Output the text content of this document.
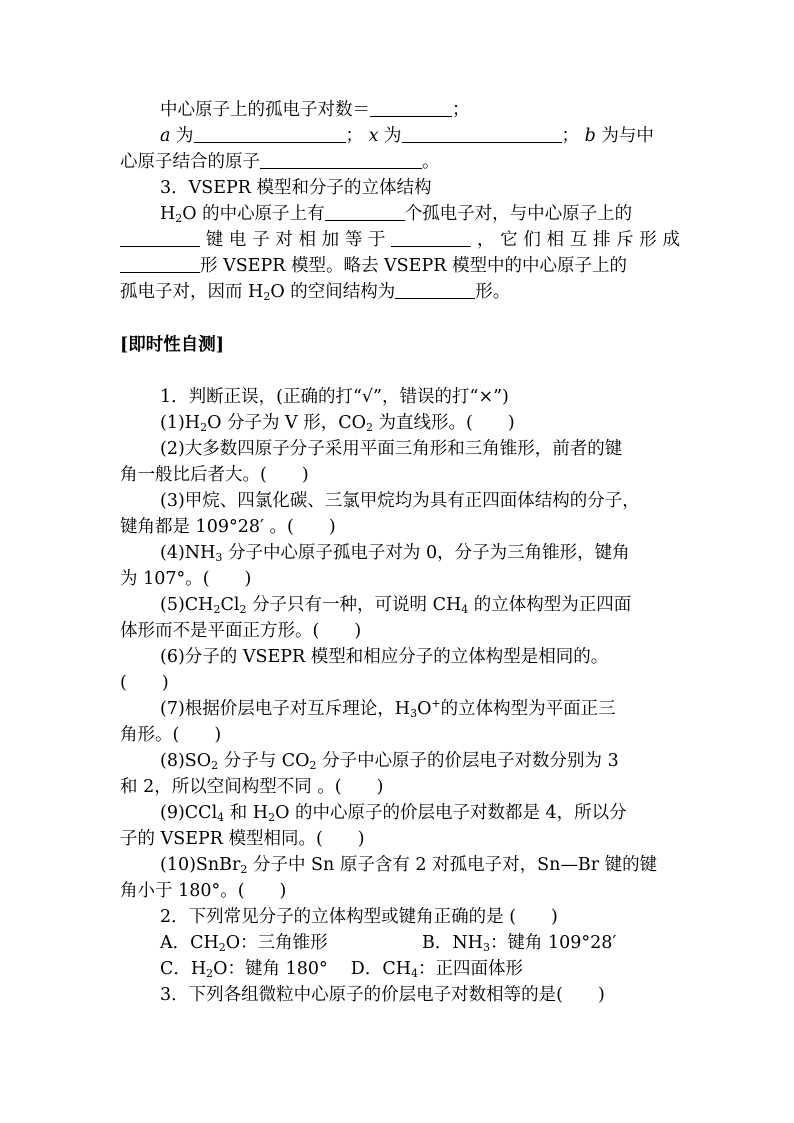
中心原子上的孤电子对数＝	；
a 为	； x 为	； b 为与中
心原子结合的原子	。
3．VSEPR 模型和分子的立体结构
$H_2O$ 的中心原子上有	个孤电子对，与中心原子上的
键电子对相加等于	，它们相互排斥形成
形 VSEPR 模型。略去 VSEPR 模型中的中心原子上的
孤电子对，因而 $H_2O$ 的空间结构为	形。
[即时性自测]
1．判断正误，(正确的打“√”，错误的打“×”)
$(1)H_2O$ 分子为 V 形，$CO_2$ 为直线形。(　　)
(2)大多数四原子分子采用平面三角形和三角锥形，前者的键
角一般比后者大。(　　)
(3)甲烷、四氯化碳、三氯甲烷均为具有正四面体结构的分子，
键角都是 109°28′ 。(　　)
$(4)NH_3$ 分子中心原子孤电子对为 0，分子为三角锥形，键角
为 107°。(　　)
$(5)CH_2Cl_2$ 分子只有一种，可说明 $CH_4$ 的立体构型为正四面
体形而不是平面正方形。(　　)
(6)分子的 VSEPR 模型和相应分子的立体构型是相同的。
(　　)
(7)根据价层电子对互斥理论，$H_3O^+$的立体构型为平面正三
角形。(　　)
$(8)SO_2$ 分子与 $CO_2$ 分子中心原子的价层电子对数分别为 3
和 2，所以空间构型不同 。(　　)
(9)CCl$_4$ 和 $H_2O$ 的中心原子的价层电子对数都是 4，所以分
子的 VSEPR 模型相同。(　　)
(10)SnBr$_2$ 分子中 Sn 原子含有 2 对孤电子对，Sn—Br 键的键
角小于 180°。(　　)
2．下列常见分子的立体构型或键角正确的是 (　　)
A．$CH_2O$：三角锥形	B．$NH_3$：键角 109°28′
C．$H_2O$：键角 180°　 D．$CH_4$：正四面体形
3．下列各组微粒中心原子的价层电子对数相等的是(　　)
